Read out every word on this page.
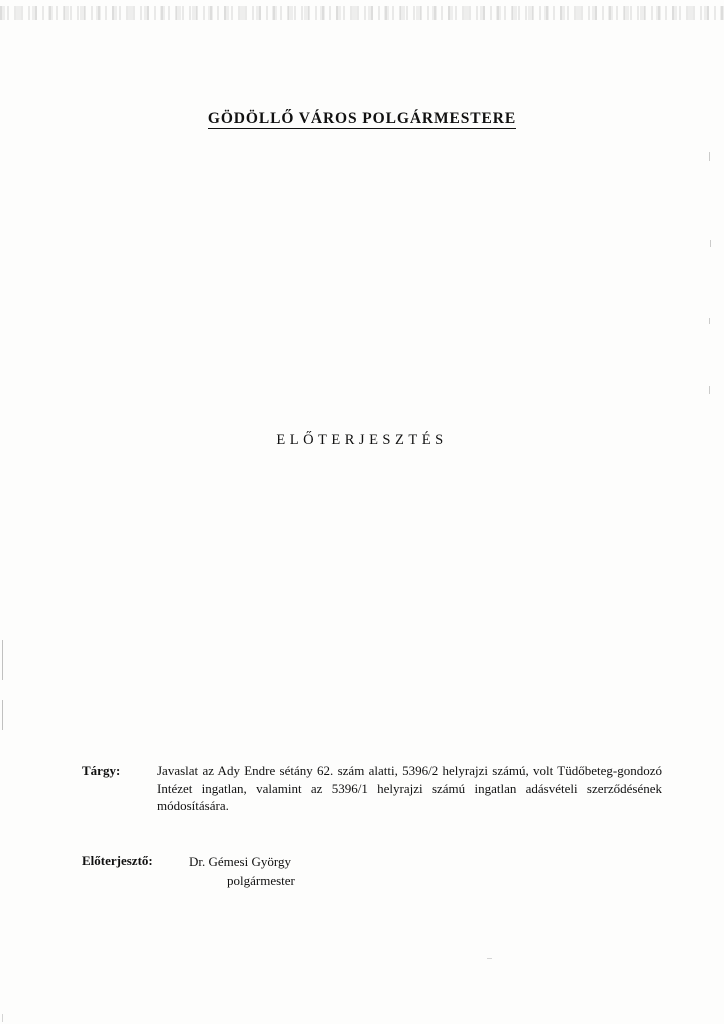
GÖDÖLLŐ VÁROS POLGÁRMESTERE
ELŐTERJESZTÉS
Tárgy:	Javaslat az Ady Endre sétány 62. szám alatti, 5396/2 helyrajzi számú, volt Tüdőbeteg-gondozó Intézet ingatlan, valamint az 5396/1 helyrajzi számú ingatlan adásvételi szerződésének módosítására.
Előterjesztő:	Dr. Gémesi György
polgármester
